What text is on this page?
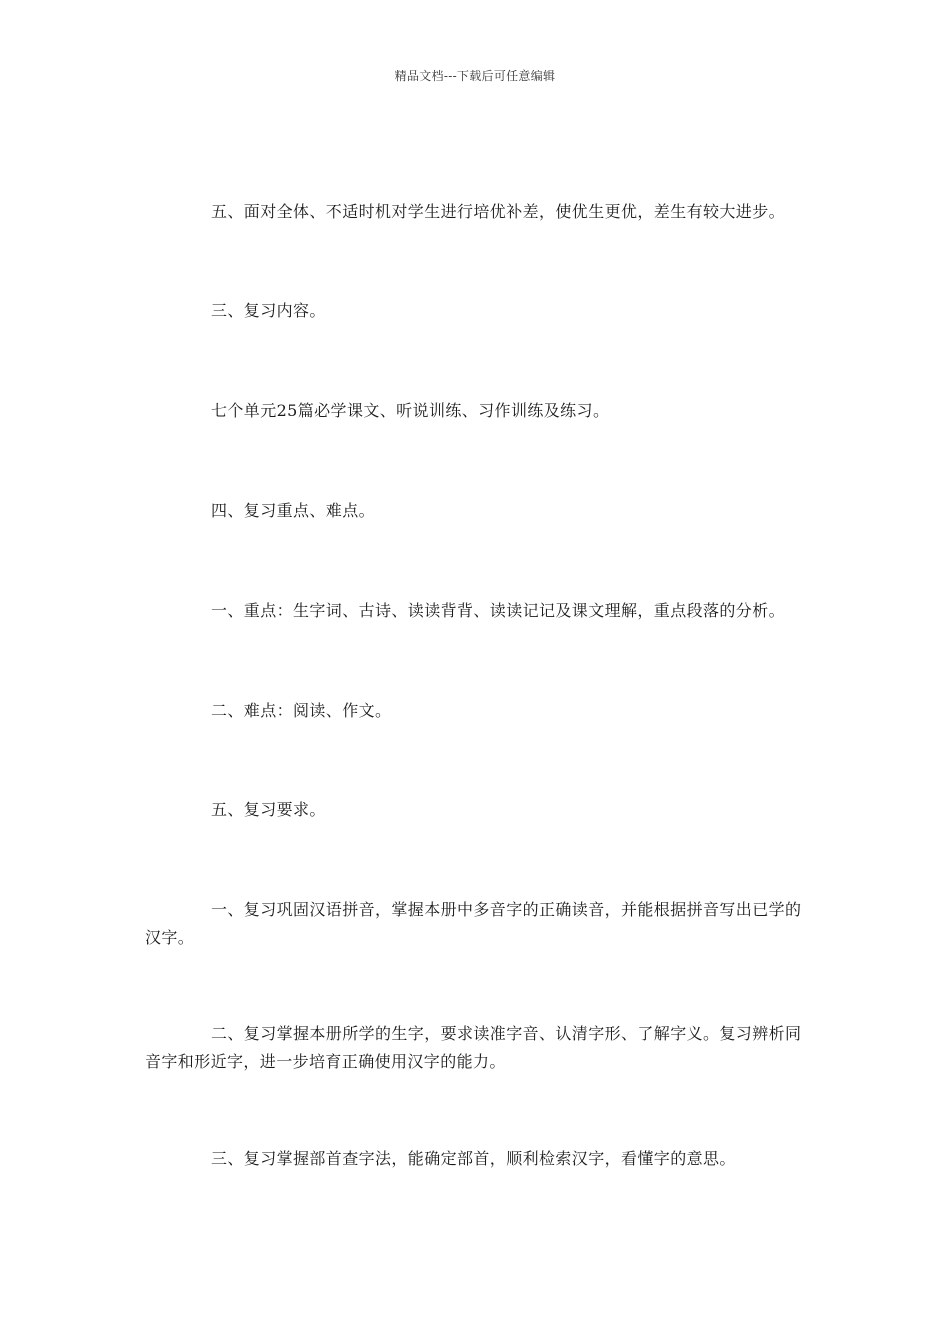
精品文档---下载后可任意编辑

五、面对全体、不适时机对学生进行培优补差，使优生更优，差生有较大进步。

三、复习内容。

七个单元25篇必学课文、听说训练、习作训练及练习。

四、复习重点、难点。

一、重点：生字词、古诗、读读背背、读读记记及课文理解，重点段落的分析。

二、难点：阅读、作文。

五、复习要求。

一、复习巩固汉语拼音，掌握本册中多音字的正确读音，并能根据拼音写出已学的汉字。

二、复习掌握本册所学的生字，要求读准字音、认清字形、了解字义。复习辨析同音字和形近字，进一步培育正确使用汉字的能力。

三、复习掌握部首查字法，能确定部首，顺利检索汉字，看懂字的意思。
